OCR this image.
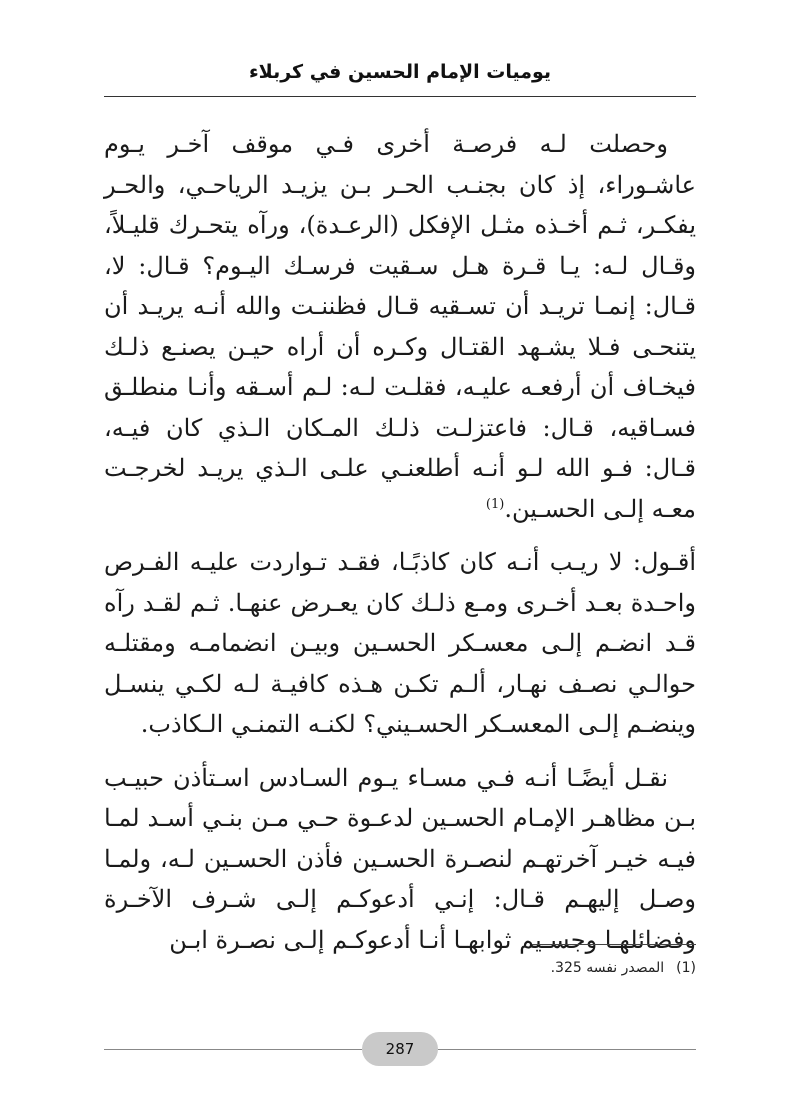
يوميات الإمام الحسين في كربلاء

وحصلت لـه فرصـة أخرى فـي موقف آخـر يـوم عاشـوراء، إذ كان بجنـب الحـر بـن يزيـد الرياحـي، والحـر يفكـر، ثـم أخـذه مثـل الإفكل (الرعـدة)، ورآه يتحـرك قليـلاً، وقـال لـه: يـا قـرة هـل سـقيت فرسـك اليـوم؟ قـال: لا، قـال: إنمـا تريـد أن تسـقيه قـال فظننـت والله أنـه يريـد أن يتنحـى فـلا يشـهد القتـال وكـره أن أراه حيـن يصنـع ذلـك فيخـاف أن أرفعـه عليـه، فقلـت لـه: لـم أسـقه وأنـا منطلـق فسـاقيه، قـال: فاعتزلـت ذلـك المـكان الـذي كان فيـه، قـال: فـو الله لـو أنـه أطلعنـي علـى الـذي يريـد لخرجـت معـه إلـى الحسـين.$^{(1)}$

أقـول: لا ريـب أنـه كان كاذبًـا، فقـد تـواردت عليـه الفـرص واحـدة بعـد أخـرى ومـع ذلـك كان يعـرض عنهـا. ثـم لقـد رآه قـد انضـم إلـى معسـكر الحسـين وبيـن انضمامـه ومقتلـه حوالـي نصـف نهـار، ألـم تكـن هـذه كافيـة لـه لكـي ينسـل وينضـم إلـى المعسـكر الحسـيني؟ لكنـه التمنـي الـكاذب.

نقـل أيضًـا أنـه فـي مسـاء يـوم السـادس اسـتأذن حبيـب بـن مظاهـر الإمـام الحسـين لدعـوة حـي مـن بنـي أسـد لمـا فيـه خيـر آخرتهـم لنصـرة الحسـين فأذن الحسـين لـه، ولمـا وصـل إليهـم قـال: إنـي أدعوكـم إلـى شـرف الآخـرة وفضائلهـا وجسـيم ثوابهـا أنـا أدعوكـم إلـى نصـرة ابـن

(1)المصدر نفسه 325.
287
